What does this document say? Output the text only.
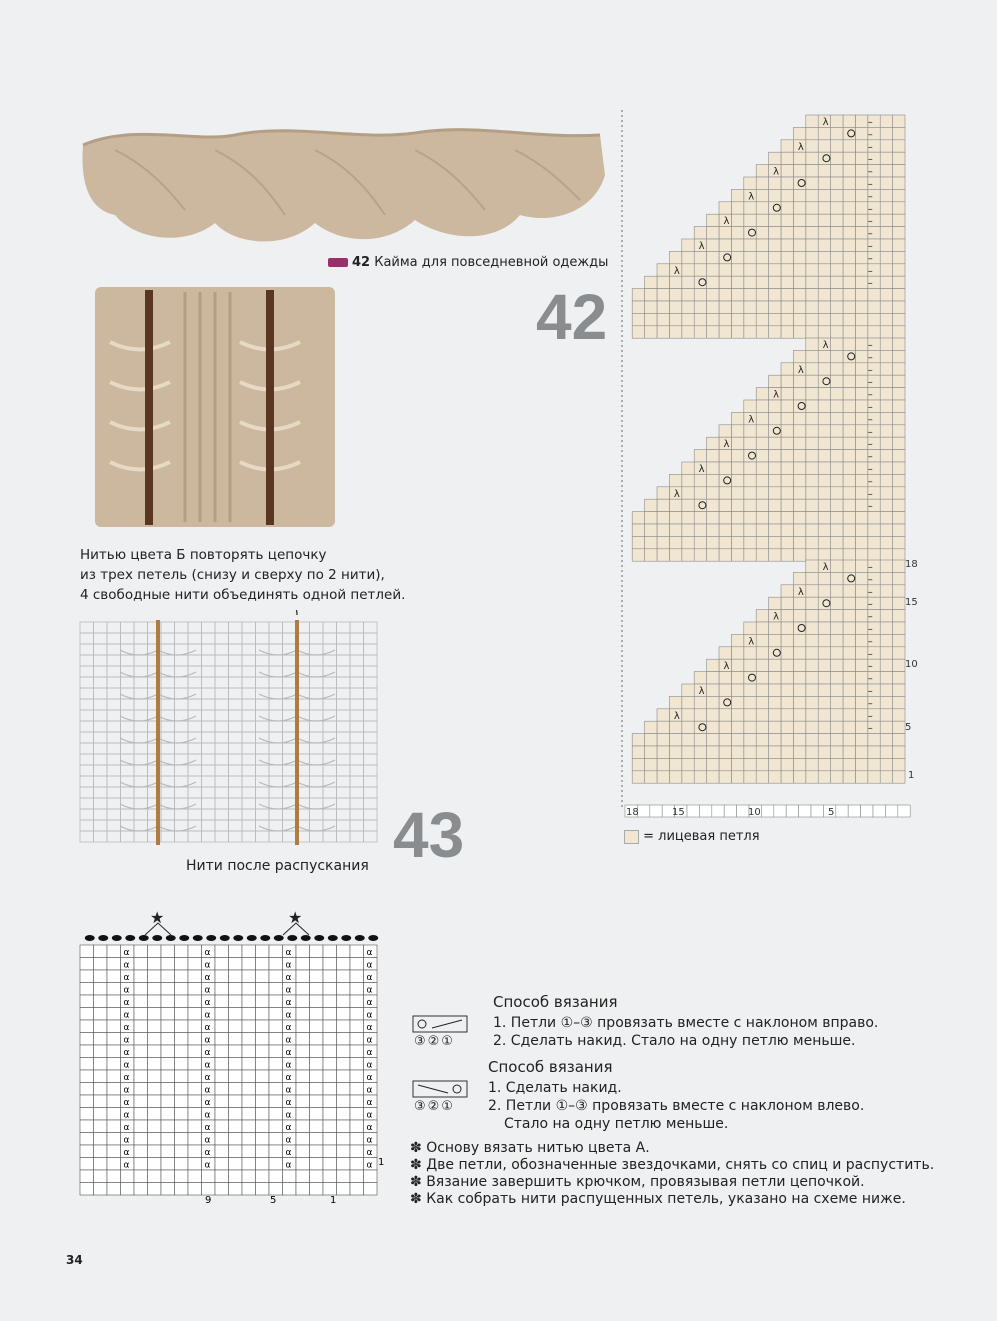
42 Кайма для повседневной одежды
42
Нитью цвета Б повторять цепочку
из трех петель (снизу и сверху по 2 нити),
4 свободные нити объединять одной петлей.
43
Нити после распускания
λ	–
–
λ	–
–
λ	–
–
λ	–
–
λ	–
–
λ	–
–
λ	–
–
λ	–
–
λ	–
–
λ	–
–
λ	–
–
λ	–
–
λ	–
–
λ	–
–
λ	–
–
λ	–
–
λ	–
–
λ	–
–
λ	–
–
λ	–
–
λ	–
–
18
15
10
5
1
18	15	10	5
= лицевая петля
★	★
α	α	α	α
α	α	α	α
α	α	α	α
α	α	α	α
α	α	α	α
α	α	α	α
α	α	α	α
α	α	α	α
α	α	α	α
α	α	α	α
α	α	α	α
α	α	α	α
α	α	α	α
α	α	α	α
α	α	α	α
α	α	α	α
α	α	α	α
α	α	α	α 1
9	5	1
③②①
Способ вязания
1. Петли ①–③ провязать вместе с наклоном вправо.
2. Сделать накид. Стало на одну петлю меньше.
③②①
Способ вязания
1. Сделать накид.
2. Петли ①–③ провязать вместе с наклоном влево.
Стало на одну петлю меньше.
✽ Основу вязать нитью цвета А.
✽ Две петли, обозначенные звездочками, снять со спиц и распустить.
✽ Вязание завершить крючком, провязывая петли цепочкой.
✽ Как собрать нити распущенных петель, указано на схеме ниже.
34
